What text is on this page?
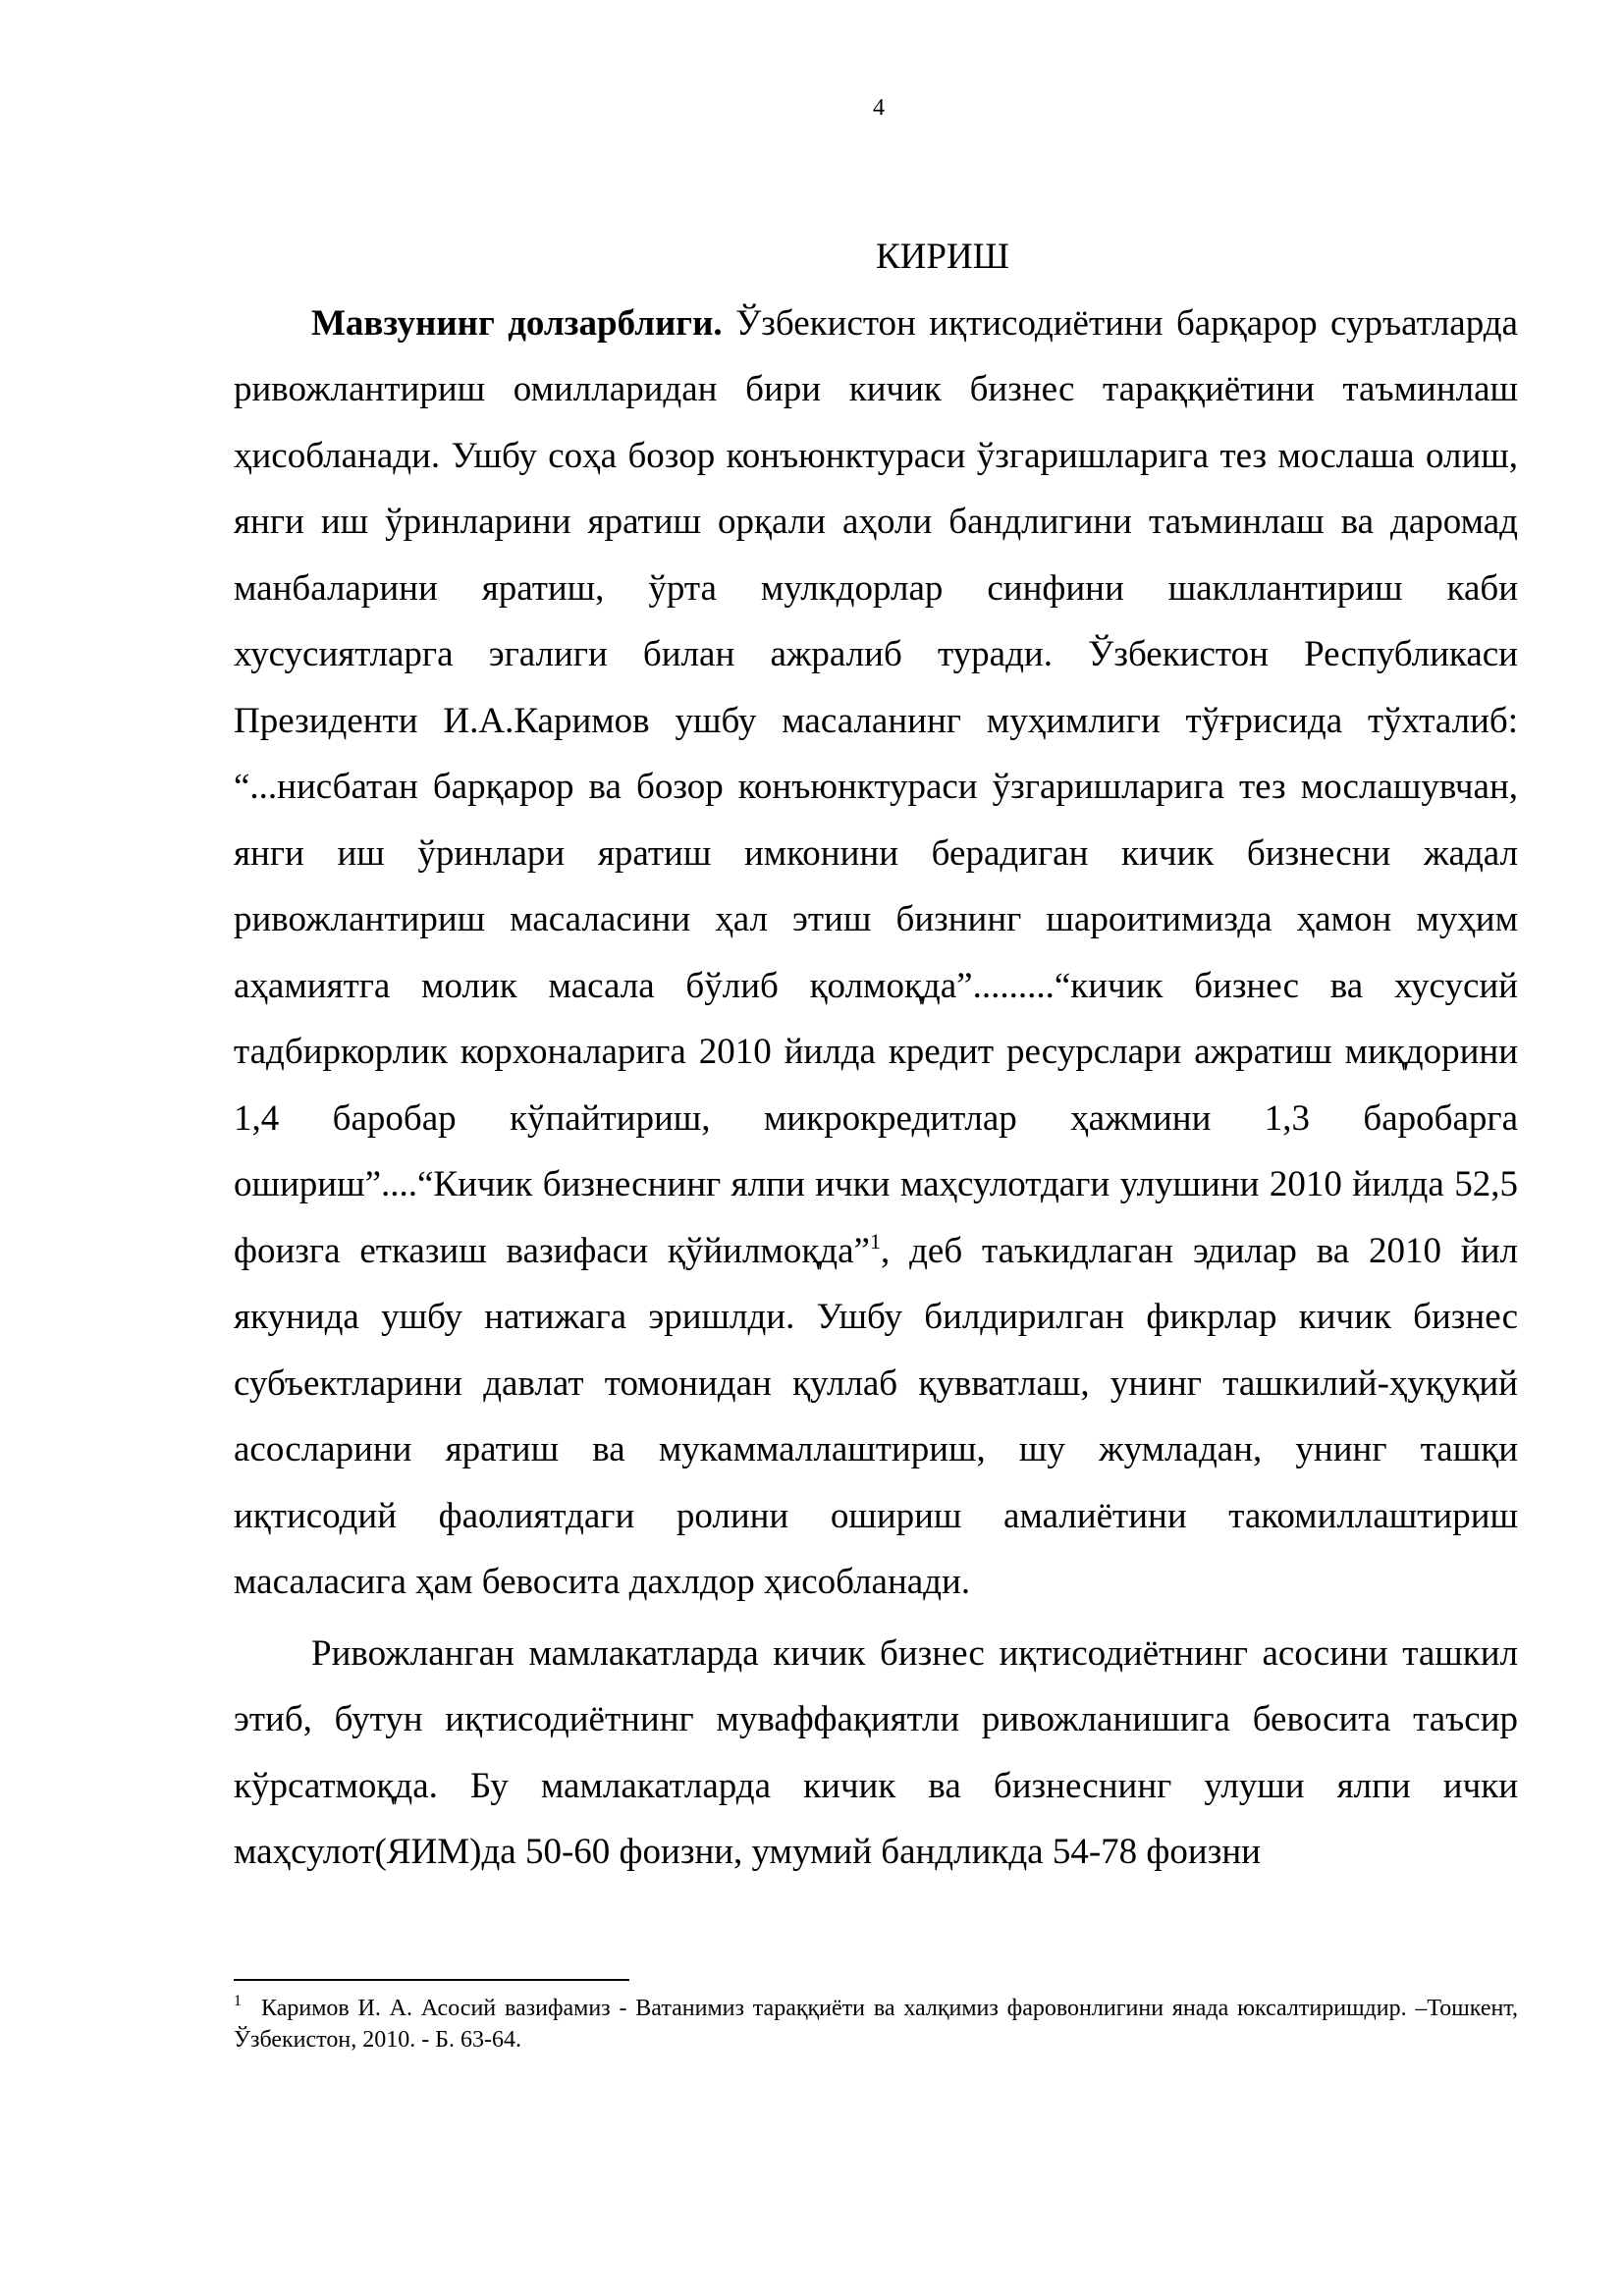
4
КИРИШ

Мавзунинг долзарблиги. Ўзбекистон иқтисодиётини барқарор суръатларда ривожлантириш омилларидан бири кичик бизнес тараққиётини таъминлаш ҳисобланади. Ушбу соҳа бозор конъюнктураси ўзгаришларига тез мослаша олиш, янги иш ўринларини яратиш орқали аҳоли бандлигини таъминлаш ва даромад манбаларини яратиш, ўрта мулкдорлар синфини шакллантириш каби хусусиятларга эгалиги билан ажралиб туради. Ўзбекистон Республикаси Президенти И.А.Каримов ушбу масаланинг муҳимлиги тўғрисида тўхталиб: “...нисбатан барқарор ва бозор конъюнктураси ўзгаришларига тез мослашувчан, янги иш ўринлари яратиш имконини берадиган кичик бизнесни жадал ривожлантириш масаласини ҳал этиш бизнинг шароитимизда ҳамон муҳим аҳамиятга молик масала бўлиб қолмоқда”.........“кичик бизнес ва хусусий тадбиркорлик корхоналарига 2010 йилда кредит ресурслари ажратиш миқдорини 1,4 баробар кўпайтириш, микрокредитлар ҳажмини 1,3 баробарга ошириш”....“Кичик бизнеснинг ялпи ички маҳсулотдаги улушини 2010 йилда 52,5 фоизга етказиш вазифаси қўйилмоқда”$^1$, деб таъкидлаган эдилар ва 2010 йил якунида ушбу натижага эришлди. Ушбу билдирилган фикрлар кичик бизнес субъектларини давлат томонидан қуллаб қувватлаш, унинг ташкилий-ҳуқуқий асосларини яратиш ва мукаммаллаштириш, шу жумладан, унинг ташқи иқтисодий фаолиятдаги ролини ошириш амалиётини такомиллаштириш масаласига ҳам бевосита дахлдор ҳисобланади.

Ривожланган мамлакатларда кичик бизнес иқтисодиётнинг асосини ташкил этиб, бутун иқтисодиётнинг муваффақиятли ривожланишига бевосита таъсир кўрсатмоқда. Бу мамлакатларда кичик ва бизнеснинг улуши ялпи ички маҳсулот(ЯИМ)да 50-60 фоизни, умумий бандликда 54-78 фоизни

$^1$ Каримов И. А. Асосий вазифамиз - Ватанимиз тараққиёти ва халқимиз фаровонлигини янада юксалтиришдир. –Тошкент, Ўзбекистон, 2010. - Б. 63-64.
